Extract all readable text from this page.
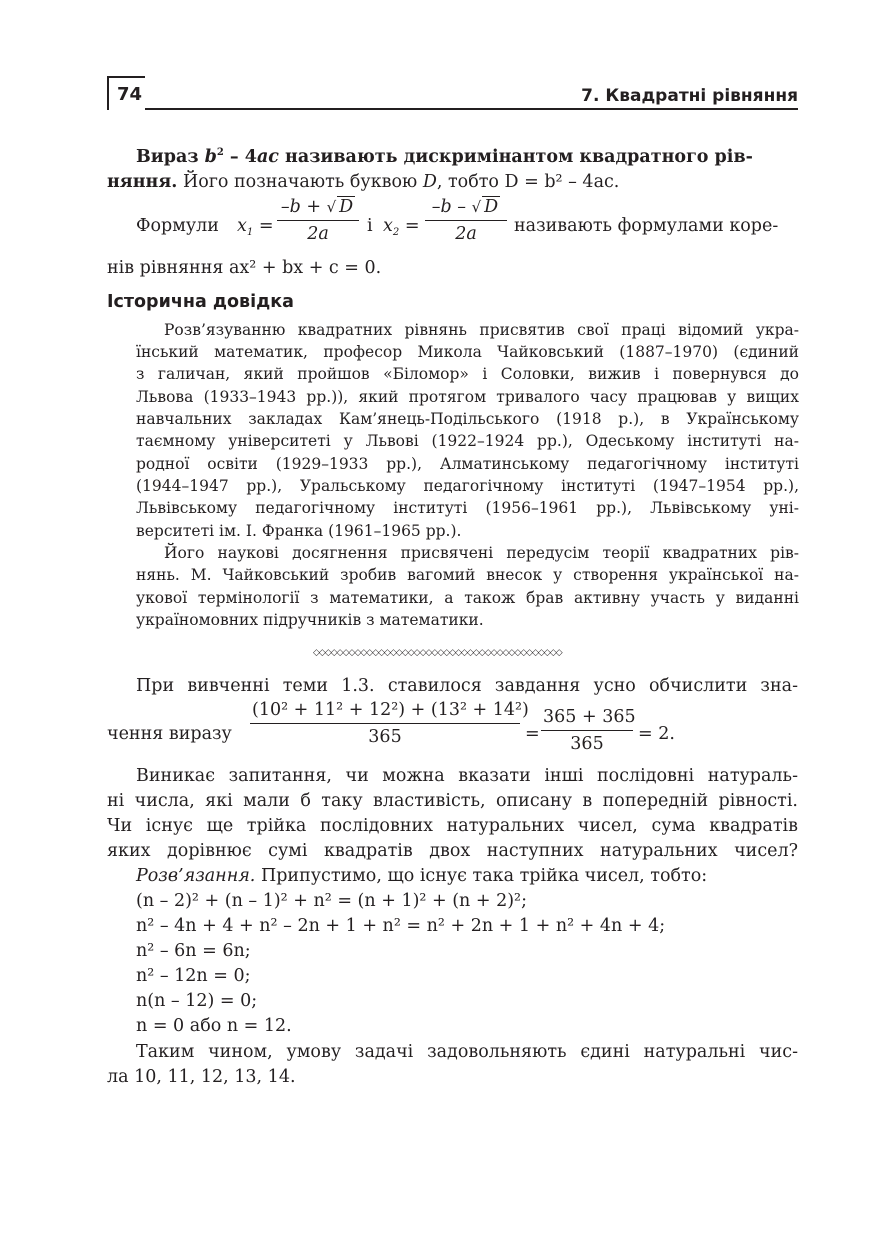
74	7. Квадратні рівняння
Вираз $b^2 - 4ac$ називають дискримінантом квадратного рів-
няння. Його позначають буквою D, тобто D = b² – 4ac.
Формули $x_1$ =
–b + √ D
2a	і $x_2$ =
–b – √ D
2a	називають формулами коре-
нів рівняння ax² + bx + c = 0.
Історична довідка
Розв’язуванню квадратних рівнянь присвятив свої праці відомий укра-
їнський математик, професор Микола Чайковський (1887–1970) (єдиний
з галичан, який пройшов «Біломор» і Соловки, вижив і повернувся до
Львова (1933–1943 рр.)), який протягом тривалого часу працював у вищих
навчальних закладах Кам’янець-Подільського (1918 р.), в Українському
таємному університеті у Львові (1922–1924 рр.), Одеському інституті на-
родної освіти (1929–1933 рр.), Алматинському педагогічному інституті
(1944–1947 рр.), Уральському педагогічному інституті (1947–1954 рр.),
Львівському педагогічному інституті (1956–1961 рр.), Львівському уні-
верситеті ім. І. Франка (1961–1965 рр.).
Його наукові досягнення присвячені передусім теорії квадратних рів-
нянь. М. Чайковський зробив вагомий внесок у створення української на-
укової термінології з математики, а також брав активну участь у виданні
україномовних підручників з математики.
◇◇◇◇◇◇◇◇◇◇◇◇◇◇◇◇◇◇◇◇◇◇◇◇◇◇◇◇◇◇◇◇◇◇◇◇◇◇◇◇◇◇
При вивченні теми 1.3. ставилося завдання усно обчислити зна-
чення виразу
(10² + 11² + 12²) + (13² + 14²)
365	=
365 + 365
365	= 2.
Виникає запитання, чи можна вказати інші послідовні натураль-
ні числа, які мали б таку властивість, описану в попередній рівності.
Чи існує ще трійка послідовних натуральних чисел, сума квадратів
яких дорівнює сумі квадратів двох наступних натуральних чисел?
Розв’язання. Припустимо, що існує така трійка чисел, тобто:
(n – 2)² + (n – 1)² + n² = (n + 1)² + (n + 2)²;
n² – 4n + 4 + n² – 2n + 1 + n² = n² + 2n + 1 + n² + 4n + 4;
n² – 6n = 6n;
n² – 12n = 0;
n(n – 12) = 0;
n = 0 або n = 12.
Таким чином, умову задачі задовольняють єдині натуральні чис-
ла 10, 11, 12, 13, 14.
